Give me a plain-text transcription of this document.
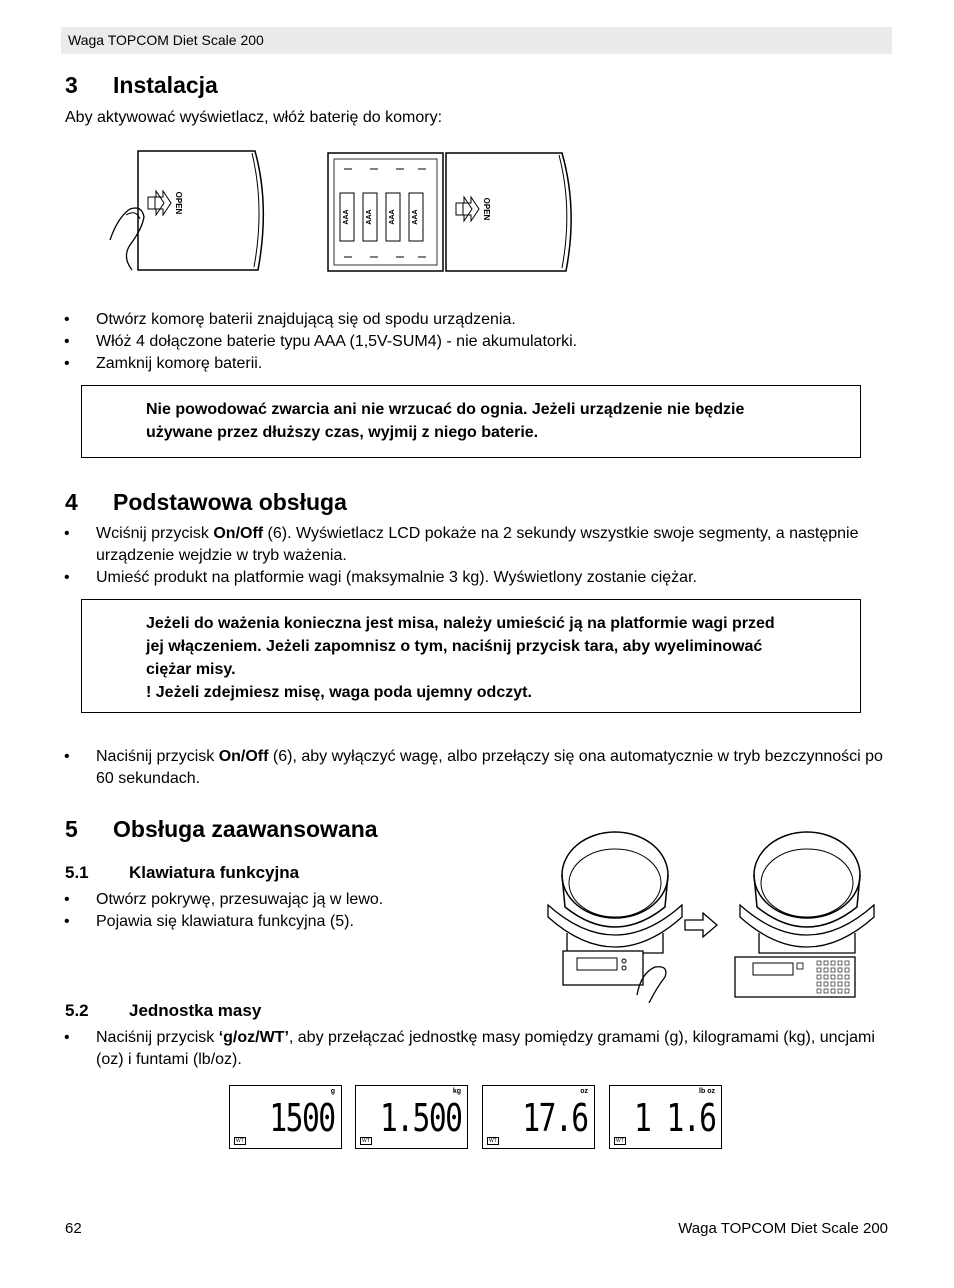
Waga TOPCOM Diet Scale 200
3 Instalacja

Aby aktywować wyświetlacz, włóż baterię do komory:

OPEN
AAA AAA AAA AAA	OPEN
• Otwórz komorę baterii znajdującą się od spodu urządzenia.
• Włóż 4 dołączone baterie typu AAA (1,5V-SUM4) - nie akumulatorki.
• Zamknij komorę baterii.
Nie powodować zwarcia ani nie wrzucać do ognia. Jeżeli urządzenie nie będzie
używane przez dłuższy czas, wyjmij z niego baterie.
4 Podstawowa obsługa
• Wciśnij przycisk On/Off (6). Wyświetlacz LCD pokaże na 2 sekundy wszystkie swoje segmenty, a następnie urządzenie wejdzie w tryb ważenia.
• Umieść produkt na platformie wagi (maksymalnie 3 kg). Wyświetlony zostanie ciężar.
Jeżeli do ważenia konieczna jest misa, należy umieścić ją na platformie wagi przed
jej włączeniem. Jeżeli zapomnisz o tym, naciśnij przycisk tara, aby wyeliminować
ciężar misy.
! Jeżeli zdejmiesz misę, waga poda ujemny odczyt.
• Naciśnij przycisk On/Off (6), aby wyłączyć wagę, albo przełączy się ona automatycznie w tryb bezczynności po 60 sekundach.
5 Obsługa zaawansowana
5.1 Klawiatura funkcyjna
• Otwórz pokrywę, przesuwając ją w lewo.
• Pojawia się klawiatura funkcyjna (5).
5.2 Jednostka masy
• Naciśnij przycisk ‘g/oz/WT’, aby przełączać jednostkę masy pomiędzy gramami (g), kilogramami (kg), uncjami (oz) i funtami (lb/oz).
g
1500
WT
kg
1.500
WT
oz
17.6
WT
lb oz
1 1.6
WT
62	Waga TOPCOM Diet Scale 200
